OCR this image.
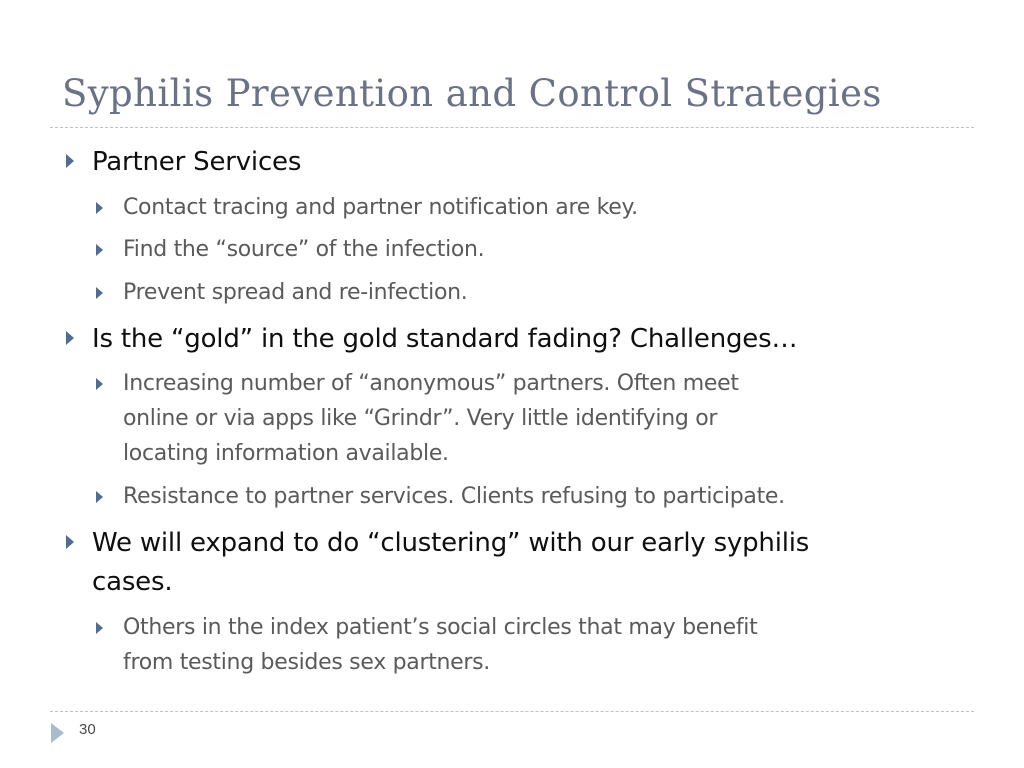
Syphilis Prevention and Control Strategies
Partner Services
Contact tracing and partner notification are key.
Find the “source” of the infection.
Prevent spread and re-infection.
Is the “gold” in the gold standard fading? Challenges…
Increasing number of “anonymous” partners. Often meet
online or via apps like “Grindr”. Very little identifying or
locating information available.
Resistance to partner services. Clients refusing to participate.
We will expand to do “clustering” with our early syphilis
cases.
Others in the index patient’s social circles that may benefit
from testing besides sex partners.
30
